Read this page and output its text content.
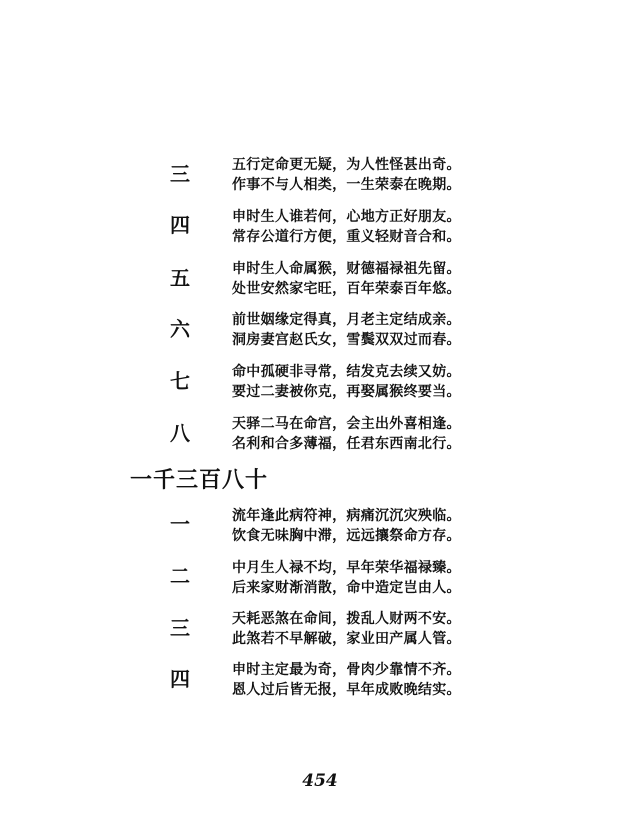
三	五行定命更无疑，为人性怪甚出奇。
作事不与人相类，一生荣泰在晚期。
四	申时生人谁若何，心地方正好朋友。
常存公道行方便，重义轻财音合和。
五	申时生人命属猴，财德福禄祖先留。
处世安然家宅旺，百年荣泰百年悠。
六	前世姻缘定得真，月老主定结成亲。
洞房妻宫赵氏女，雪鬓双双过而春。
七	命中孤硬非寻常，结发克去续又妨。
要过二妻被你克，再娶属猴终要当。
八	天驿二马在命宫，会主出外喜相逢。
名利和合多薄福，任君东西南北行。
一千三百八十
一	流年逢此病符神，病痛沉沉灾殃临。
饮食无味胸中滞，远远攘祭命方存。
二	中月生人禄不均，早年荣华福禄臻。
后来家财渐消散，命中造定岂由人。
三	天耗恶煞在命间，拨乱人财两不安。
此煞若不早解破，家业田产属人管。
四	申时主定最为奇，骨肉少靠情不齐。
恩人过后皆无报，早年成败晚结实。
454
